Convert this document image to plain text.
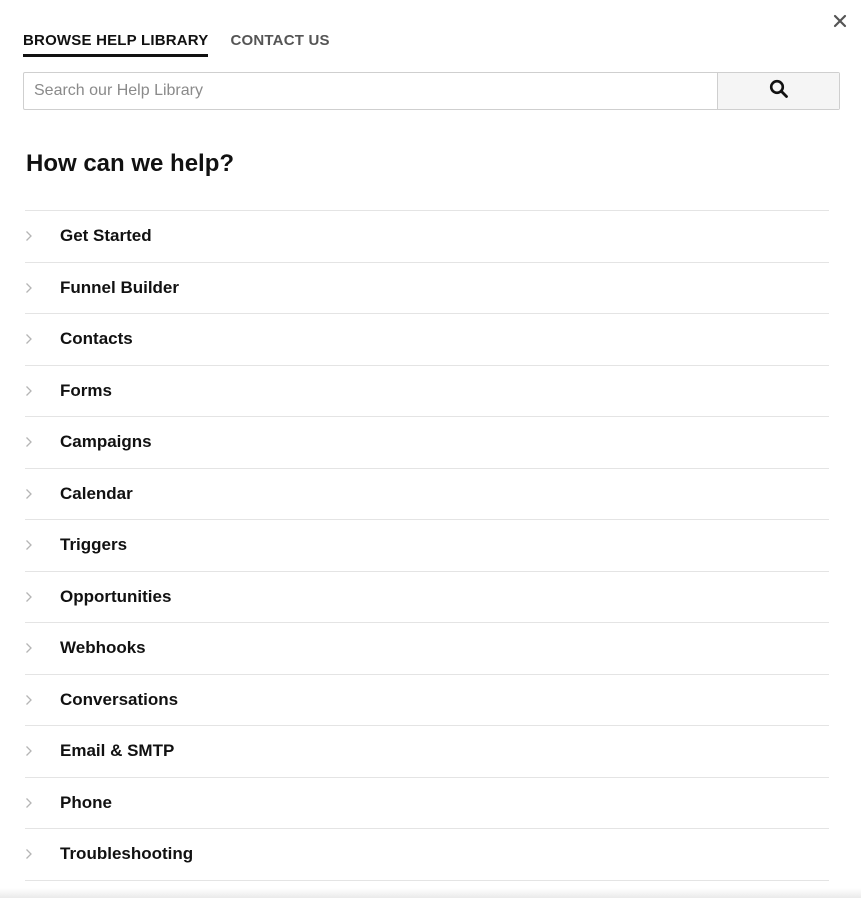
BROWSE HELP LIBRARY CONTACT US
Search our Help Library
How can we help?
Get Started
Funnel Builder
Contacts
Forms
Campaigns
Calendar
Triggers
Opportunities
Webhooks
Conversations
Email & SMTP
Phone
Troubleshooting
